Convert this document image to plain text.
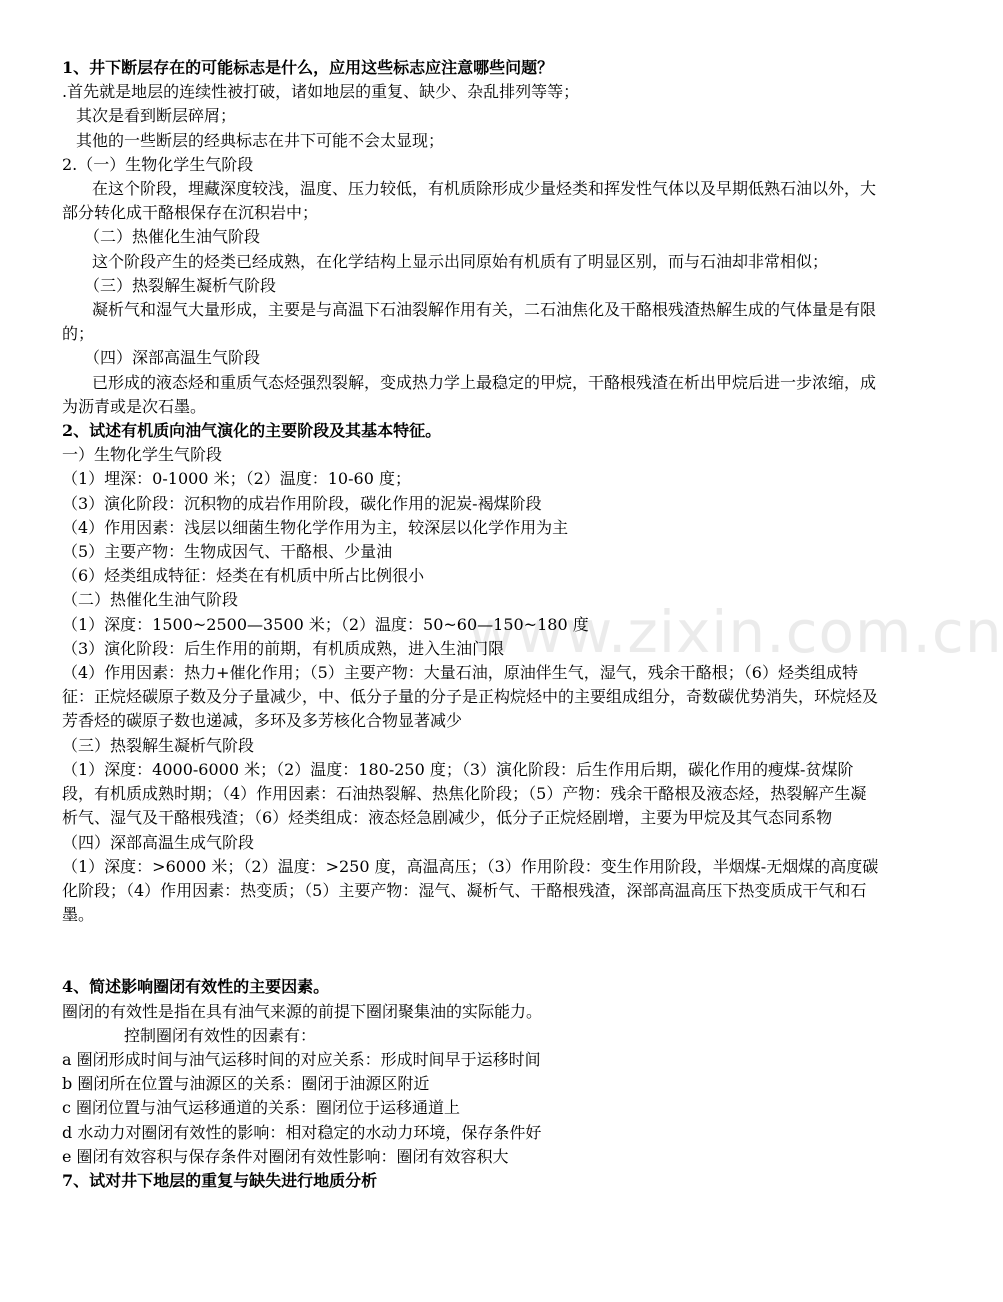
www.zixin.com.cn

1、井下断层存在的可能标志是什么，应用这些标志应注意哪些问题？

.首先就是地层的连续性被打破，诸如地层的重复、缺少、杂乱排列等等；

其次是看到断层碎屑；

其他的一些断层的经典标志在井下可能不会太显现；

2.（一）生物化学生气阶段

在这个阶段，埋藏深度较浅，温度、压力较低，有机质除形成少量烃类和挥发性气体以及早期低熟石油以外，大部分转化成干酪根保存在沉积岩中；

（二）热催化生油气阶段

这个阶段产生的烃类已经成熟，在化学结构上显示出同原始有机质有了明显区别，而与石油却非常相似；

（三）热裂解生凝析气阶段

凝析气和湿气大量形成，主要是与高温下石油裂解作用有关，二石油焦化及干酪根残渣热解生成的气体量是有限的；

（四）深部高温生气阶段

已形成的液态烃和重质气态烃强烈裂解，变成热力学上最稳定的甲烷，干酪根残渣在析出甲烷后进一步浓缩，成为沥青或是次石墨。

2、试述有机质向油气演化的主要阶段及其基本特征。

一）生物化学生气阶段

（1）埋深：0-1000 米；（2）温度：10-60 度；

（3）演化阶段：沉积物的成岩作用阶段，碳化作用的泥炭-褐煤阶段

（4）作用因素：浅层以细菌生物化学作用为主，较深层以化学作用为主

（5）主要产物：生物成因气、干酪根、少量油

（6）烃类组成特征：烃类在有机质中所占比例很小

（二）热催化生油气阶段

（1）深度：1500~2500—3500 米；（2）温度：50~60—150~180 度

（3）演化阶段：后生作用的前期，有机质成熟，进入生油门限

（4）作用因素：热力+催化作用；（5）主要产物：大量石油，原油伴生气，湿气，残余干酪根；（6）烃类组成特征：正烷烃碳原子数及分子量减少，中、低分子量的分子是正构烷烃中的主要组成组分，奇数碳优势消失，环烷烃及芳香烃的碳原子数也递减，多环及多芳核化合物显著减少

（三）热裂解生凝析气阶段

（1）深度：4000-6000 米；（2）温度：180-250 度；（3）演化阶段：后生作用后期，碳化作用的瘦煤-贫煤阶段，有机质成熟时期；（4）作用因素：石油热裂解、热焦化阶段；（5）产物：残余干酪根及液态烃，热裂解产生凝析气、湿气及干酪根残渣；（6）烃类组成：液态烃急剧减少，低分子正烷烃剧增，主要为甲烷及其气态同系物

（四）深部高温生成气阶段

（1）深度：>6000 米；（2）温度：>250 度，高温高压；（3）作用阶段：变生作用阶段，半烟煤-无烟煤的高度碳化阶段；（4）作用因素：热变质；（5）主要产物：湿气、凝析气、干酪根残渣，深部高温高压下热变质成干气和石墨。

4、简述影响圈闭有效性的主要因素。

圈闭的有效性是指在具有油气来源的前提下圈闭聚集油的实际能力。

控制圈闭有效性的因素有：

a 圈闭形成时间与油气运移时间的对应关系：形成时间早于运移时间

b 圈闭所在位置与油源区的关系：圈闭于油源区附近

c 圈闭位置与油气运移通道的关系：圈闭位于运移通道上

d 水动力对圈闭有效性的影响：相对稳定的水动力环境，保存条件好

e 圈闭有效容积与保存条件对圈闭有效性影响：圈闭有效容积大

7、试对井下地层的重复与缺失进行地质分析
